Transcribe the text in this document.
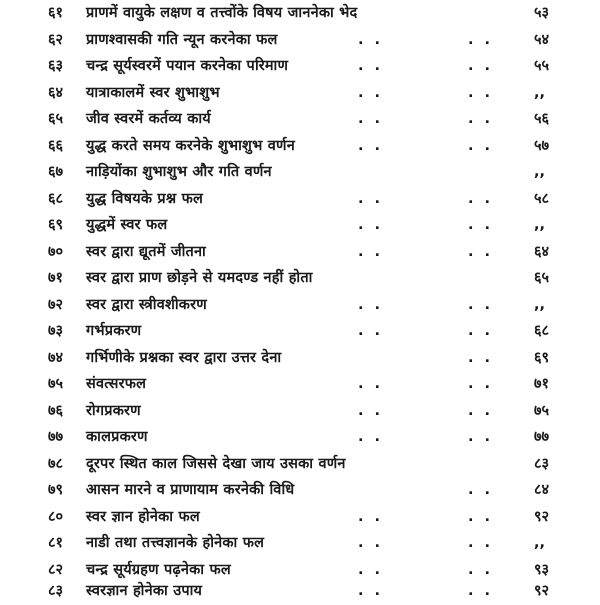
६१	प्राणमें वायुके लक्षण व तत्त्वोंके विषय जाननेका भेद	५३
६२	प्राणश्वासकी गति न्यून करनेका फल	. .	. .	५४
६३	चन्द्र सूर्यस्वरमें पयान करनेका परिमाण	. .	. .	५५
६४	यात्राकालमें स्वर शुभाशुभ	. .	. .	,,
६५	जीव स्वरमें कर्तव्य कार्य	. .	. .	५६
६६	युद्ध करते समय करनेके शुभाशुभ वर्णन	. .	. .	५७
६७	नाड़ियोंका शुभाशुभ और गति वर्णन	,,
६८	युद्ध विषयके प्रश्न फल	. .	. .	५८
६९	युद्धमें स्वर फल	. .	. .	,,
७०	स्वर द्वारा द्यूतमें जीतना	. .	. .	६४
७१	स्वर द्वारा प्राण छोड़ने से यमदण्ड नहीं होता	६५
७२	स्वर द्वारा स्त्रीवशीकरण	. .	. .	,,
७३	गर्भप्रकरण	. .	. .	६८
७४	गर्भिणीके प्रश्नका स्वर द्वारा उत्तर देना	. .	६९
७५	संवत्सरफल	. .	. .	७१
७६	रोगप्रकरण	. .	. .	७५
७७	कालप्रकरण	. .	. .	७७
७८	दूरपर स्थित काल जिससे देखा जाय उसका वर्णन	८३
७९	आसन मारने व प्राणायाम करनेकी विधि	. .	८४
८०	स्वर ज्ञान होनेका फल	. .	. .	९२
८१	नाडी तथा तत्त्वज्ञानके होनेका फल	. .	. .	,,
८२	चन्द्र सूर्यग्रहण पढ़नेका फल	. .	. .	९३
८३	स्वरज्ञान होनेका उपाय	. .	. .	९२
